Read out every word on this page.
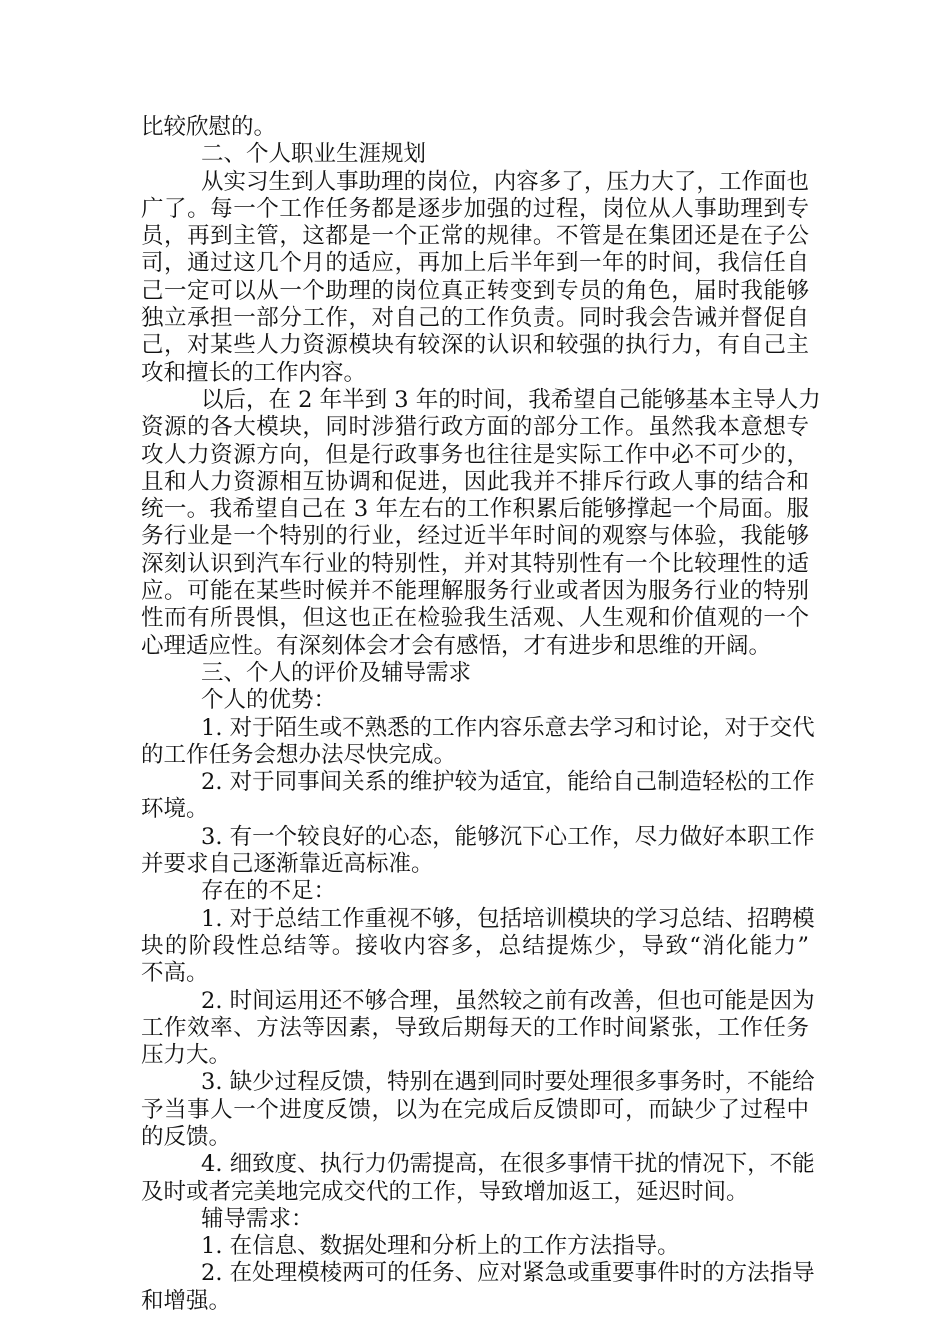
比较欣慰的。
二、个人职业生涯规划
从实习生到人事助理的岗位，内容多了，压力大了，工作面也
广了。每一个工作任务都是逐步加强的过程，岗位从人事助理到专
员，再到主管，这都是一个正常的规律。不管是在集团还是在子公
司，通过这几个月的适应，再加上后半年到一年的时间，我信任自
己一定可以从一个助理的岗位真正转变到专员的角色，届时我能够
独立承担一部分工作，对自己的工作负责。同时我会告诫并督促自
己，对某些人力资源模块有较深的认识和较强的执行力，有自己主
攻和擅长的工作内容。
以后，在 2 年半到 3 年的时间，我希望自己能够基本主导人力
资源的各大模块，同时涉猎行政方面的部分工作。虽然我本意想专
攻人力资源方向，但是行政事务也往往是实际工作中必不可少的，
且和人力资源相互协调和促进，因此我并不排斥行政人事的结合和
统一。我希望自己在 3 年左右的工作积累后能够撑起一个局面。服
务行业是一个特别的行业，经过近半年时间的观察与体验，我能够
深刻认识到汽车行业的特别性，并对其特别性有一个比较理性的适
应。可能在某些时候并不能理解服务行业或者因为服务行业的特别
性而有所畏惧，但这也正在检验我生活观、人生观和价值观的一个
心理适应性。有深刻体会才会有感悟，才有进步和思维的开阔。
三、个人的评价及辅导需求
个人的优势：
1. 对于陌生或不熟悉的工作内容乐意去学习和讨论，对于交代
的工作任务会想办法尽快完成。
2. 对于同事间关系的维护较为适宜，能给自己制造轻松的工作
环境。
3. 有一个较良好的心态，能够沉下心工作，尽力做好本职工作
并要求自己逐渐靠近高标准。
存在的不足：
1. 对于总结工作重视不够，包括培训模块的学习总结、招聘模
块的阶段性总结等。接收内容多，总结提炼少，导致“消化能力”
不高。
2. 时间运用还不够合理，虽然较之前有改善，但也可能是因为
工作效率、方法等因素，导致后期每天的工作时间紧张，工作任务
压力大。
3. 缺少过程反馈，特别在遇到同时要处理很多事务时，不能给
予当事人一个进度反馈，以为在完成后反馈即可，而缺少了过程中
的反馈。
4. 细致度、执行力仍需提高，在很多事情干扰的情况下，不能
及时或者完美地完成交代的工作，导致增加返工，延迟时间。
辅导需求：
1. 在信息、数据处理和分析上的工作方法指导。
2. 在处理模棱两可的任务、应对紧急或重要事件时的方法指导
和增强。
